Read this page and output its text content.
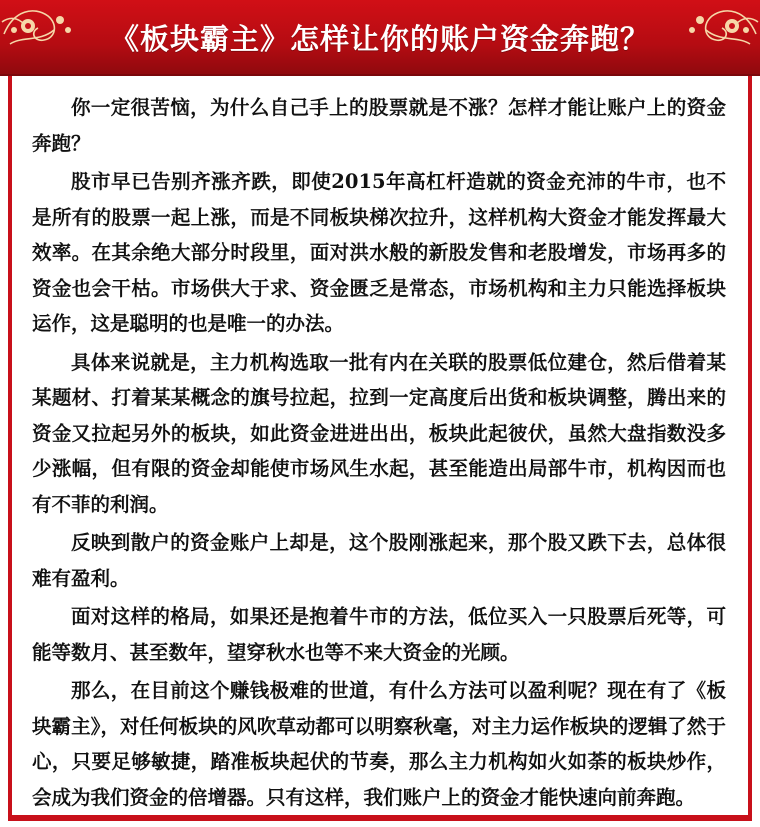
《板块霸主》怎样让你的账户资金奔跑？

你一定很苦恼，为什么自己手上的股票就是不涨？怎样才能让账户上的资金奔跑？

股市早已告别齐涨齐跌，即使2015年高杠杆造就的资金充沛的牛市，也不是所有的股票一起上涨，而是不同板块梯次拉升，这样机构大资金才能发挥最大效率。在其余绝大部分时段里，面对洪水般的新股发售和老股增发，市场再多的资金也会干枯。市场供大于求、资金匮乏是常态，市场机构和主力只能选择板块运作，这是聪明的也是唯一的办法。

具体来说就是，主力机构选取一批有内在关联的股票低位建仓，然后借着某某题材、打着某某概念的旗号拉起，拉到一定高度后出货和板块调整，腾出来的资金又拉起另外的板块，如此资金进进出出，板块此起彼伏，虽然大盘指数没多少涨幅，但有限的资金却能使市场风生水起，甚至能造出局部牛市，机构因而也有不菲的利润。

反映到散户的资金账户上却是，这个股刚涨起来，那个股又跌下去，总体很难有盈利。

面对这样的格局，如果还是抱着牛市的方法，低位买入一只股票后死等，可能等数月、甚至数年，望穿秋水也等不来大资金的光顾。

那么，在目前这个赚钱极难的世道，有什么方法可以盈利呢？现在有了《板块霸主》，对任何板块的风吹草动都可以明察秋毫，对主力运作板块的逻辑了然于心，只要足够敏捷，踏准板块起伏的节奏，那么主力机构如火如荼的板块炒作，会成为我们资金的倍增器。只有这样，我们账户上的资金才能快速向前奔跑。
